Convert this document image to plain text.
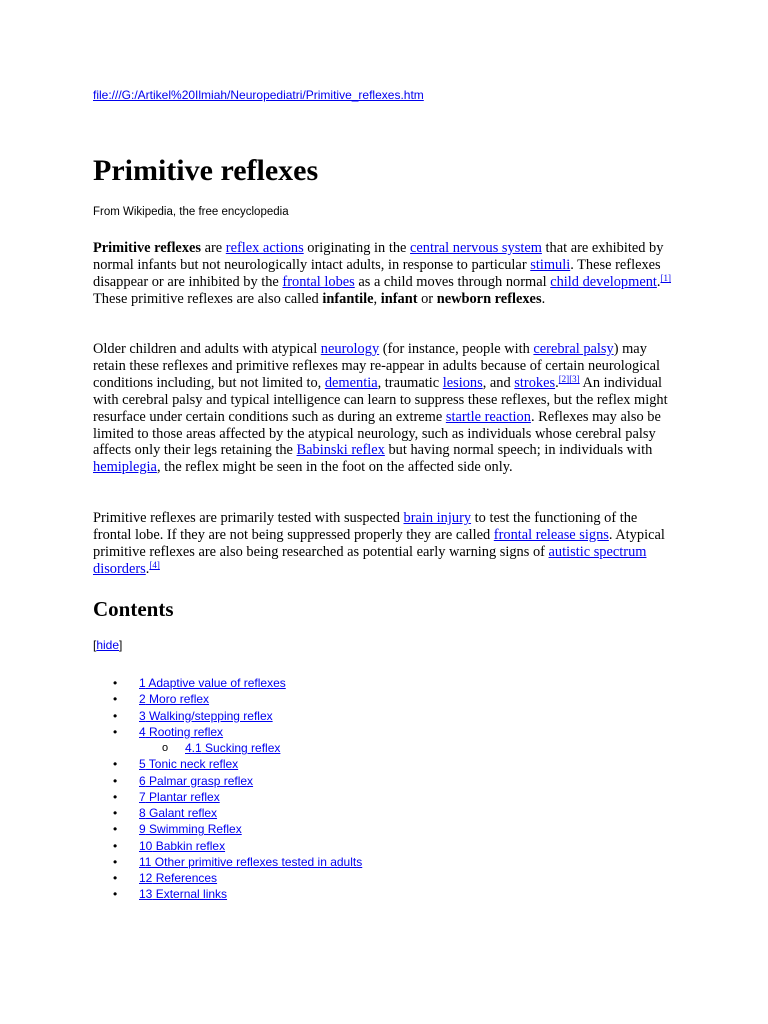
file:///G:/Artikel%20Ilmiah/Neuropediatri/Primitive_reflexes.htm
Primitive reflexes
From Wikipedia, the free encyclopedia

Primitive reflexes are reflex actions originating in the central nervous system that are exhibited by normal infants but not neurologically intact adults, in response to particular stimuli. These reflexes disappear or are inhibited by the frontal lobes as a child moves through normal child development.[1] These primitive reflexes are also called infantile, infant or newborn reflexes.

Older children and adults with atypical neurology (for instance, people with cerebral palsy) may retain these reflexes and primitive reflexes may re-appear in adults because of certain neurological conditions including, but not limited to, dementia, traumatic lesions, and strokes.[2][3] An individual with cerebral palsy and typical intelligence can learn to suppress these reflexes, but the reflex might resurface under certain conditions such as during an extreme startle reaction. Reflexes may also be limited to those areas affected by the atypical neurology, such as individuals whose cerebral palsy affects only their legs retaining the Babinski reflex but having normal speech; in individuals with hemiplegia, the reflex might be seen in the foot on the affected side only.

Primitive reflexes are primarily tested with suspected brain injury to test the functioning of the frontal lobe. If they are not being suppressed properly they are called frontal release signs. Atypical primitive reflexes are also being researched as potential early warning signs of autistic spectrum disorders.[4]

Contents
[hide]
• 1 Adaptive value of reflexes
• 2 Moro reflex
• 3 Walking/stepping reflex
• 4 Rooting reflex
o 4.1 Sucking reflex
• 5 Tonic neck reflex
• 6 Palmar grasp reflex
• 7 Plantar reflex
• 8 Galant reflex
• 9 Swimming Reflex
• 10 Babkin reflex
• 11 Other primitive reflexes tested in adults
• 12 References
• 13 External links
